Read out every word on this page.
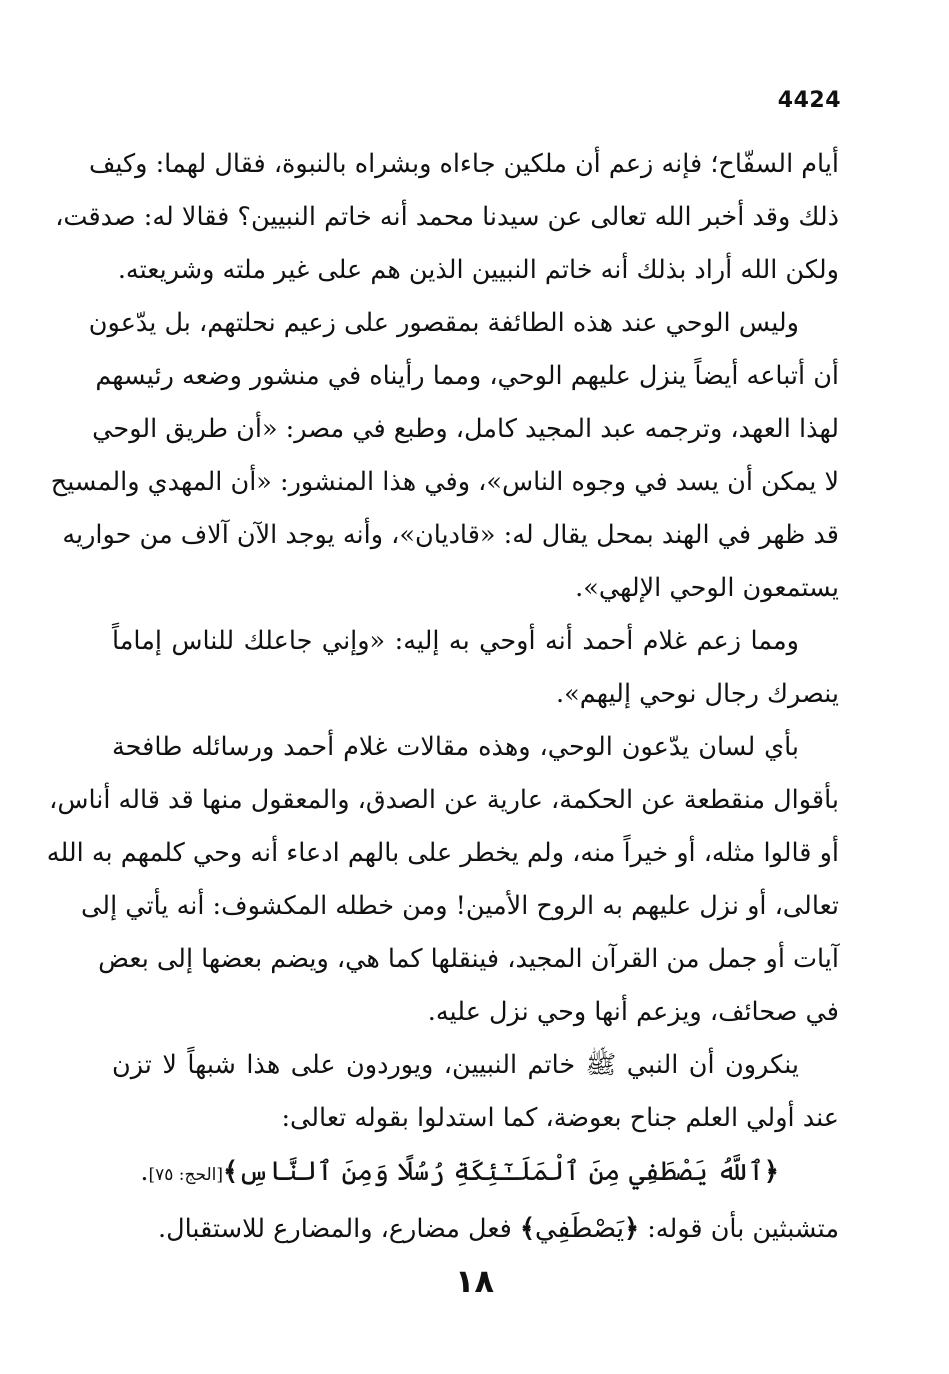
4424

أيام السفّاح؛ فإنه زعم أن ملكين جاءاه وبشراه بالنبوة، فقال لهما: وكيف
ذلك وقد أخبر الله تعالى عن سيدنا محمد أنه خاتم النبيين؟ فقالا له: صدقت،
ولكن الله أراد بذلك أنه خاتم النبيين الذين هم على غير ملته وشريعته.

وليس الوحي عند هذه الطائفة بمقصور على زعيم نحلتهم، بل يدّعون
أن أتباعه أيضاً ينزل عليهم الوحي، ومما رأيناه في منشور وضعه رئيسهم
لهذا العهد، وترجمه عبد المجيد كامل، وطبع في مصر: «أن طريق الوحي
لا يمكن أن يسد في وجوه الناس»، وفي هذا المنشور: «أن المهدي والمسيح
قد ظهر في الهند بمحل يقال له: «قاديان»، وأنه يوجد الآن آلاف من حواريه
يستمعون الوحي الإلهي».

ومما زعم غلام أحمد أنه أوحي به إليه: «وإني جاعلك للناس إماماً
ينصرك رجال نوحي إليهم».

بأي لسان يدّعون الوحي، وهذه مقالات غلام أحمد ورسائله طافحة
بأقوال منقطعة عن الحكمة، عارية عن الصدق، والمعقول منها قد قاله أناس،
أو قالوا مثله، أو خيراً منه، ولم يخطر على بالهم ادعاء أنه وحي كلمهم به الله
تعالى، أو نزل عليهم به الروح الأمين! ومن خطله المكشوف: أنه يأتي إلى
آيات أو جمل من القرآن المجيد، فينقلها كما هي، ويضم بعضها إلى بعض
في صحائف، ويزعم أنها وحي نزل عليه.

ينكرون أن النبي ﷺ خاتم النبيين، ويوردون على هذا شبهاً لا تزن
عند أولي العلم جناح بعوضة، كما استدلوا بقوله تعالى:

﴿ٱللَّهُ يَصْطَفِي مِنَ ٱلْمَلَـٰٓئِكَةِ رُسُلًا وَمِنَ ٱلنَّاسِ﴾[الحج: ٧٥].

متشبثين بأن قوله: ﴿يَصْطَفِي﴾ فعل مضارع، والمضارع للاستقبال.

١٨
